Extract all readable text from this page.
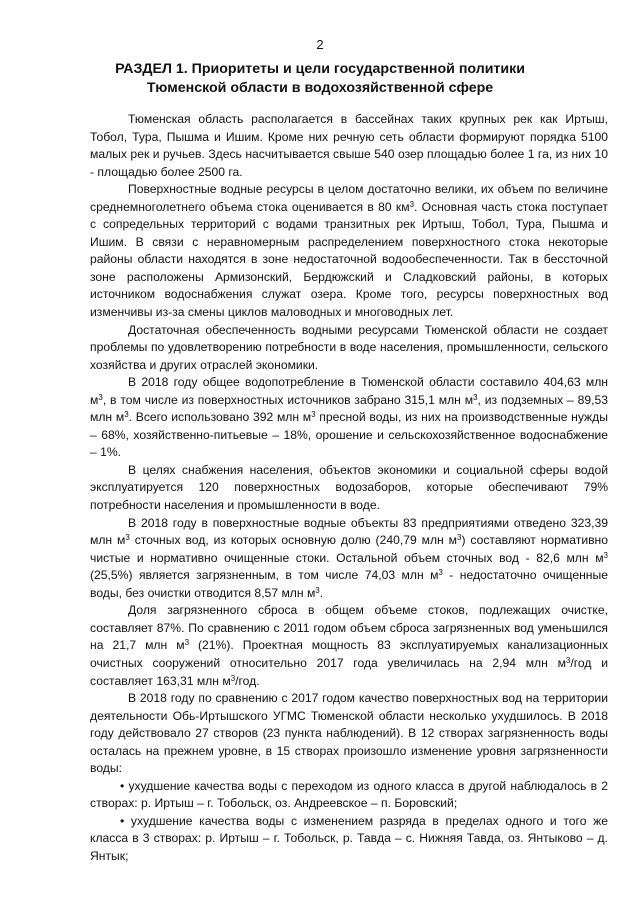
2
РАЗДЕЛ 1. Приоритеты и цели государственной политики
Тюменской области в водохозяйственной сфере

Тюменская область располагается в бассейнах таких крупных рек как Иртыш, Тобол, Тура, Пышма и Ишим. Кроме них речную сеть области формируют порядка 5100 малых рек и ручьев. Здесь насчитывается свыше 540 озер площадью более 1 га, из них 10 - площадью более 2500 га.

Поверхностные водные ресурсы в целом достаточно велики, их объем по величине среднемноголетнего объема стока оценивается в 80 $км^3$. Основная часть стока поступает с сопредельных территорий с водами транзитных рек Иртыш, Тобол, Тура, Пышма и Ишим. В связи с неравномерным распределением поверхностного стока некоторые районы области находятся в зоне недостаточной водообеспеченности. Так в бессточной зоне расположены Армизонский, Бердюжский и Сладковский районы, в которых источником водоснабжения служат озера. Кроме того, ресурсы поверхностных вод изменчивы из-за смены циклов маловодных и многоводных лет.

Достаточная обеспеченность водными ресурсами Тюменской области не создает проблемы по удовлетворению потребности в воде населения, промышленности, сельского хозяйства и других отраслей экономики.

В 2018 году общее водопотребление в Тюменской области составило 404,63 млн $м^3$, в том числе из поверхностных источников забрано 315,1 млн $м^3$, из подземных – 89,53 млн $м^3$. Всего использовано 392 млн $м^3$ пресной воды, из них на производственные нужды – 68%, хозяйственно-питьевые – 18%, орошение и сельскохозяйственное водоснабжение – 1%.

В целях снабжения населения, объектов экономики и социальной сферы водой эксплуатируется 120 поверхностных водозаборов, которые обеспечивают 79% потребности населения и промышленности в воде.

В 2018 году в поверхностные водные объекты 83 предприятиями отведено 323,39 млн $м^3$ сточных вод, из которых основную долю (240,79 млн $м^3$) составляют нормативно чистые и нормативно очищенные стоки. Остальной объем сточных вод - 82,6 млн $м^3$ (25,5%) является загрязненным, в том числе 74,03 млн $м^3$ - недостаточно очищенные воды, без очистки отводится 8,57 млн $м^3$.

Доля загрязненного сброса в общем объеме стоков, подлежащих очистке, составляет 87%. По сравнению с 2011 годом объем сброса загрязненных вод уменьшился на 21,7 млн $м^3$ (21%). Проектная мощность 83 эксплуатируемых канализационных очистных сооружений относительно 2017 года увеличилась на 2,94 млн $м^3$/год и составляет 163,31 млн $м^3$/год.

В 2018 году по сравнению с 2017 годом качество поверхностных вод на территории деятельности Обь-Иртышского УГМС Тюменской области несколько ухудшилось. В 2018 году действовало 27 створов (23 пункта наблюдений). В 12 створах загрязненность воды осталась на прежнем уровне, в 15 створах произошло изменение уровня загрязненности воды:

• ухудшение качества воды с переходом из одного класса в другой наблюдалось в 2 створах: р. Иртыш – г. Тобольск, оз. Андреевское – п. Боровский;

• ухудшение качества воды с изменением разряда в пределах одного и того же класса в 3 створах: р. Иртыш – г. Тобольск, р. Тавда – с. Нижняя Тавда, оз. Янтыково – д. Янтык;
